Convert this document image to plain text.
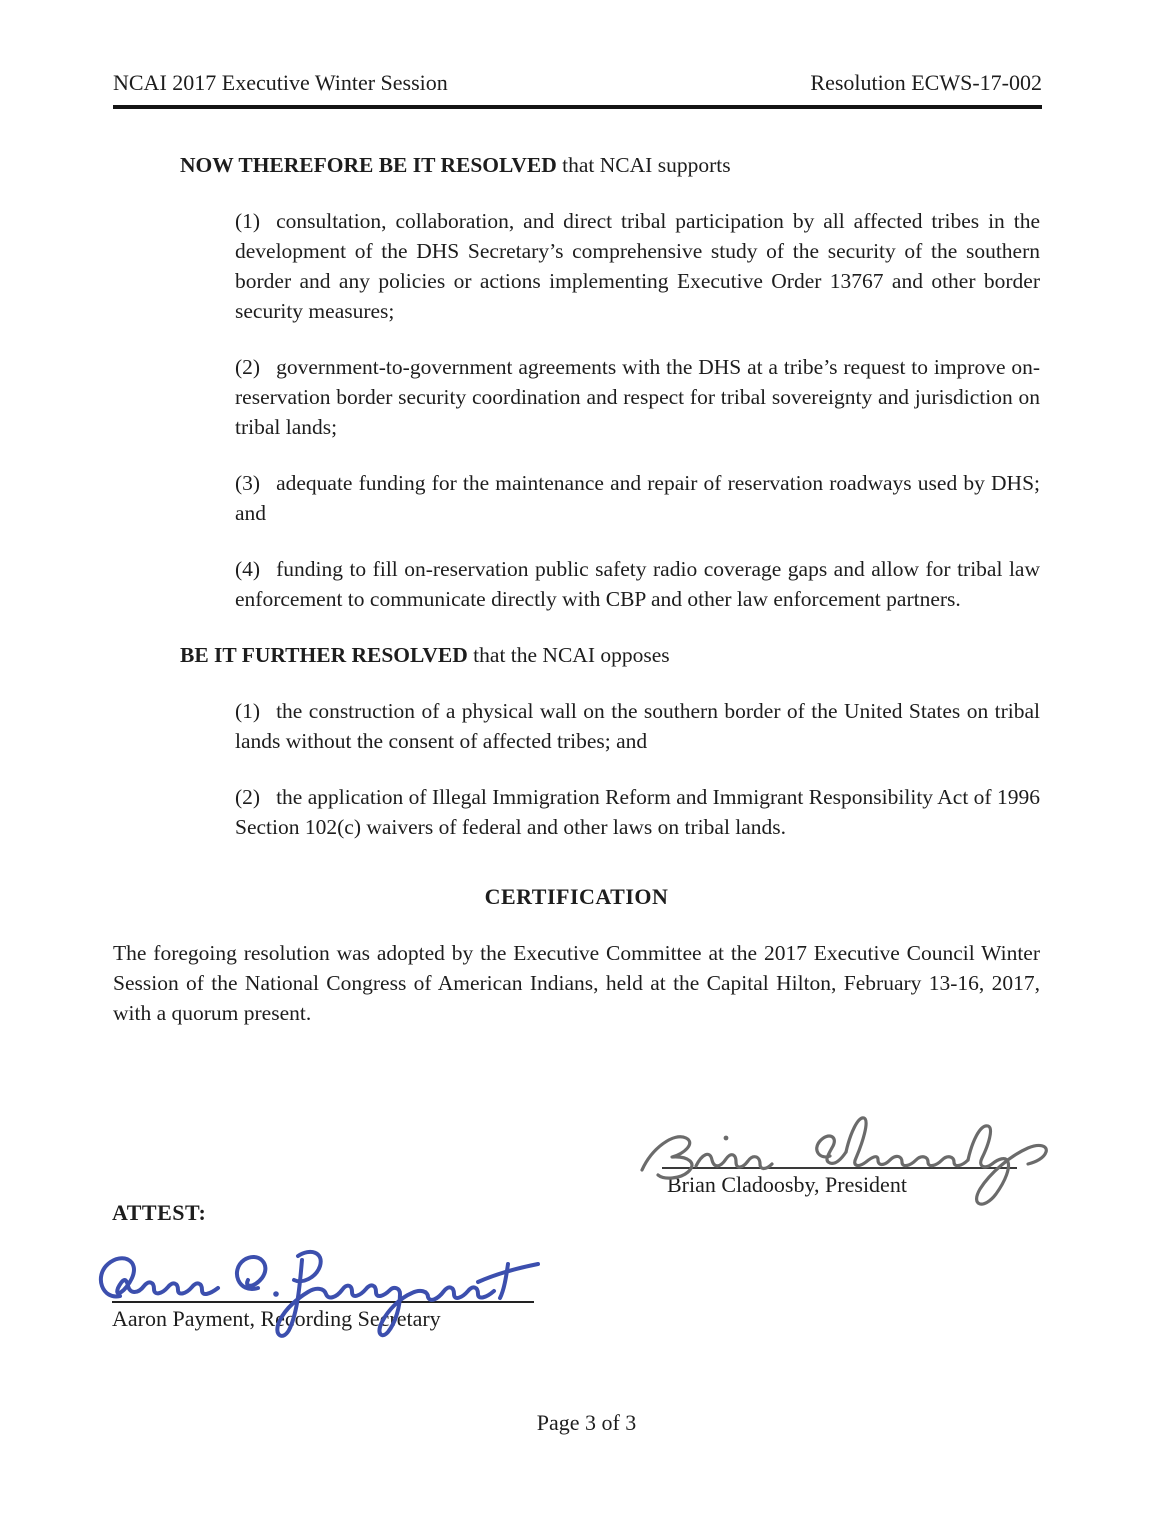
NCAI 2017 Executive Winter Session	Resolution ECWS-17-002

NOW THEREFORE BE IT RESOLVED that NCAI supports

(1) consultation, collaboration, and direct tribal participation by all affected tribes in the development of the DHS Secretary’s comprehensive study of the security of the southern border and any policies or actions implementing Executive Order 13767 and other border security measures;

(2) government-to-government agreements with the DHS at a tribe’s request to improve on-reservation border security coordination and respect for tribal sovereignty and jurisdiction on tribal lands;

(3) adequate funding for the maintenance and repair of reservation roadways used by DHS; and

(4) funding to fill on-reservation public safety radio coverage gaps and allow for tribal law enforcement to communicate directly with CBP and other law enforcement partners.

BE IT FURTHER RESOLVED that the NCAI opposes

(1) the construction of a physical wall on the southern border of the United States on tribal lands without the consent of affected tribes; and

(2) the application of Illegal Immigration Reform and Immigrant Responsibility Act of 1996 Section 102(c) waivers of federal and other laws on tribal lands.

CERTIFICATION

The foregoing resolution was adopted by the Executive Committee at the 2017 Executive Council Winter Session of the National Congress of American Indians, held at the Capital Hilton, February 13-16, 2017, with a quorum present.

Brian Cladoosby, President
ATTEST:
Aaron Payment, Recording Secretary
Page 3 of 3
